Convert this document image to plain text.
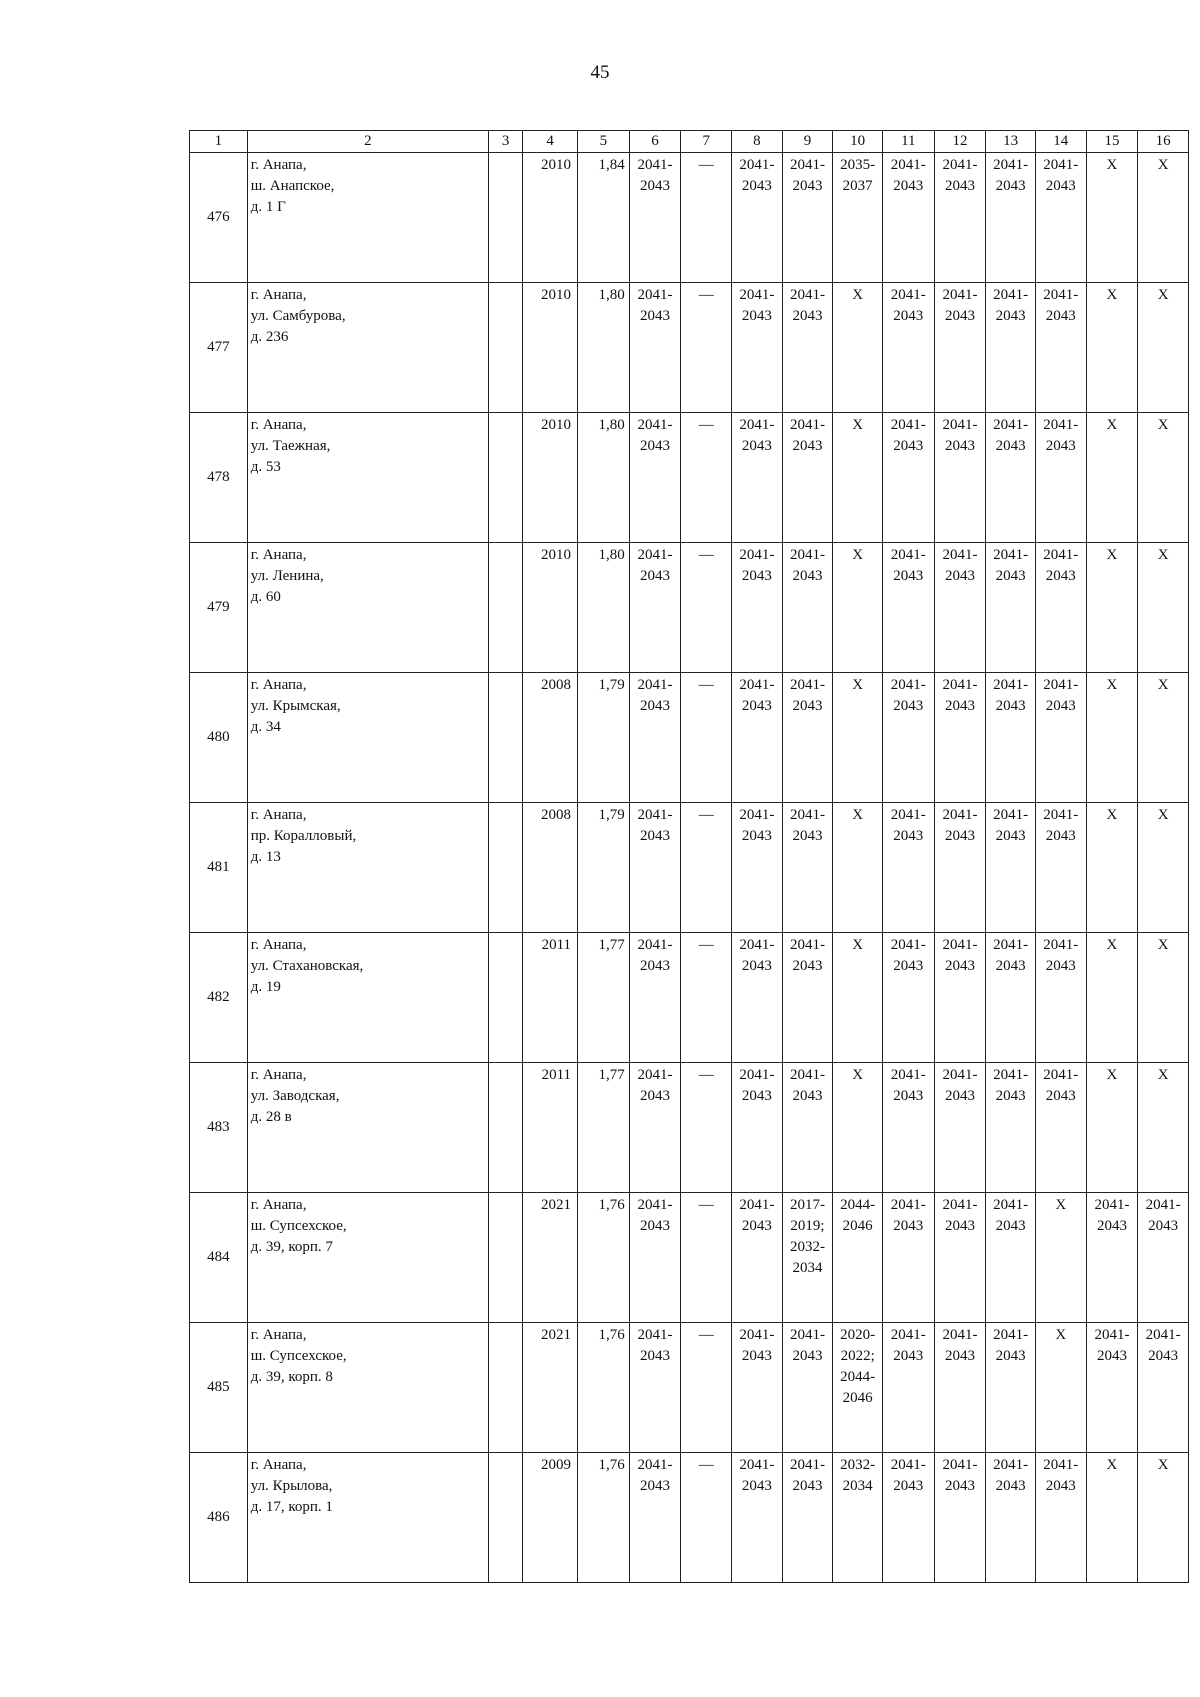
45
1	2	3	4	5	6	7	8	9	10	11	12	13	14	15	16
476	г. Анапа,
ш. Анапское,
д. 1 Г		2010	1,84	2041-
2043	—	2041-
2043	2041-
2043	2035-
2037	2041-
2043	2041-
2043	2041-
2043	2041-
2043	Х	Х

477	г. Анапа,
ул. Самбурова,
д. 236		2010	1,80	2041-
2043	—	2041-
2043	2041-
2043	Х	2041-
2043	2041-
2043	2041-
2043	2041-
2043	Х	Х

478	г. Анапа,
ул. Таежная,
д. 53		2010	1,80	2041-
2043	—	2041-
2043	2041-
2043	Х	2041-
2043	2041-
2043	2041-
2043	2041-
2043	Х	Х

479	г. Анапа,
ул. Ленина,
д. 60		2010	1,80	2041-
2043	—	2041-
2043	2041-
2043	Х	2041-
2043	2041-
2043	2041-
2043	2041-
2043	Х	Х

480	г. Анапа,
ул. Крымская,
д. 34		2008	1,79	2041-
2043	—	2041-
2043	2041-
2043	Х	2041-
2043	2041-
2043	2041-
2043	2041-
2043	Х	Х

481	г. Анапа,
пр. Коралловый,
д. 13		2008	1,79	2041-
2043	—	2041-
2043	2041-
2043	Х	2041-
2043	2041-
2043	2041-
2043	2041-
2043	Х	Х

482	г. Анапа,
ул. Стахановская,
д. 19		2011	1,77	2041-
2043	—	2041-
2043	2041-
2043	Х	2041-
2043	2041-
2043	2041-
2043	2041-
2043	Х	Х

483	г. Анапа,
ул. Заводская,
д. 28 в		2011	1,77	2041-
2043	—	2041-
2043	2041-
2043	Х	2041-
2043	2041-
2043	2041-
2043	2041-
2043	Х	Х

484	г. Анапа,
ш. Супсехское,
д. 39, корп. 7		2021	1,76	2041-
2043	—	2041-
2043	2017-
2019;
2032-
2034	2044-
2046	2041-
2043	2041-
2043	2041-
2043	Х	2041-
2043	2041-
2043

485	г. Анапа,
ш. Супсехское,
д. 39, корп. 8		2021	1,76	2041-
2043	—	2041-
2043	2041-
2043	2020-
2022;
2044-
2046	2041-
2043	2041-
2043	2041-
2043	Х	2041-
2043	2041-
2043

486	г. Анапа,
ул. Крылова,
д. 17, корп. 1		2009	1,76	2041-
2043	—	2041-
2043	2041-
2043	2032-
2034	2041-
2043	2041-
2043	2041-
2043	2041-
2043	Х	Х
